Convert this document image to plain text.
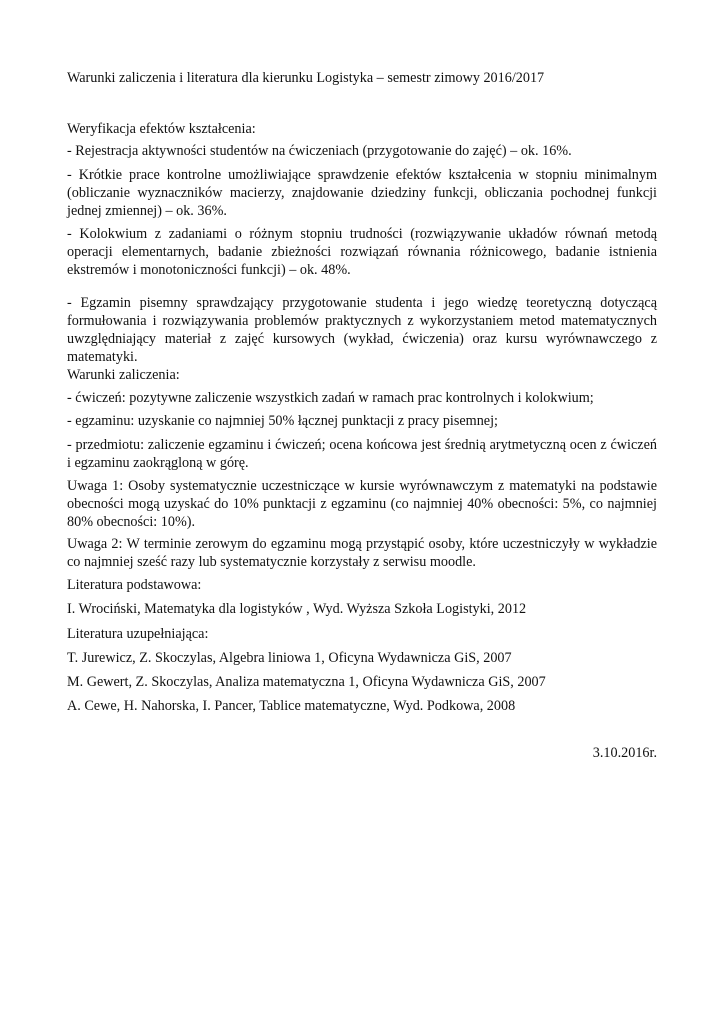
Warunki zaliczenia i literatura dla kierunku Logistyka – semestr zimowy 2016/2017

Weryfikacja efektów kształcenia:

- Rejestracja aktywności studentów na ćwiczeniach (przygotowanie do zajęć) – ok. 16%.

- Krótkie prace kontrolne umożliwiające sprawdzenie efektów kształcenia w stopniu minimalnym (obliczanie wyznaczników macierzy, znajdowanie dziedziny funkcji, obliczania pochodnej funkcji jednej zmiennej) – ok. 36%.

- Kolokwium z zadaniami o różnym stopniu trudności (rozwiązywanie układów równań metodą operacji elementarnych, badanie zbieżności rozwiązań równania różnicowego, badanie istnienia ekstremów i monotoniczności funkcji) – ok. 48%.

- Egzamin pisemny sprawdzający przygotowanie studenta i jego wiedzę teoretyczną dotyczącą formułowania i rozwiązywania problemów praktycznych z wykorzystaniem metod matematycznych uwzględniający materiał z zajęć kursowych (wykład, ćwiczenia) oraz kursu wyrównawczego z matematyki.

Warunki zaliczenia:

- ćwiczeń: pozytywne zaliczenie wszystkich zadań w ramach prac kontrolnych i kolokwium;

- egzaminu: uzyskanie co najmniej 50% łącznej punktacji z pracy pisemnej;

- przedmiotu: zaliczenie egzaminu i ćwiczeń; ocena końcowa jest średnią arytmetyczną ocen z ćwiczeń i egzaminu zaokrągloną w górę.

Uwaga 1: Osoby systematycznie uczestniczące w kursie wyrównawczym z matematyki na podstawie obecności mogą uzyskać do 10% punktacji z egzaminu (co najmniej 40% obecności: 5%, co najmniej 80% obecności: 10%).

Uwaga 2: W terminie zerowym do egzaminu mogą przystąpić osoby, które uczestniczyły w wykładzie co najmniej sześć razy lub systematycznie korzystały z serwisu moodle.

Literatura podstawowa:

I. Wrociński, Matematyka dla logistyków , Wyd. Wyższa Szkoła Logistyki, 2012

Literatura uzupełniająca:

T. Jurewicz, Z. Skoczylas, Algebra liniowa 1, Oficyna Wydawnicza GiS, 2007

M. Gewert, Z. Skoczylas, Analiza matematyczna 1, Oficyna Wydawnicza GiS, 2007

A. Cewe, H. Nahorska, I. Pancer, Tablice matematyczne, Wyd. Podkowa, 2008

3.10.2016r.
